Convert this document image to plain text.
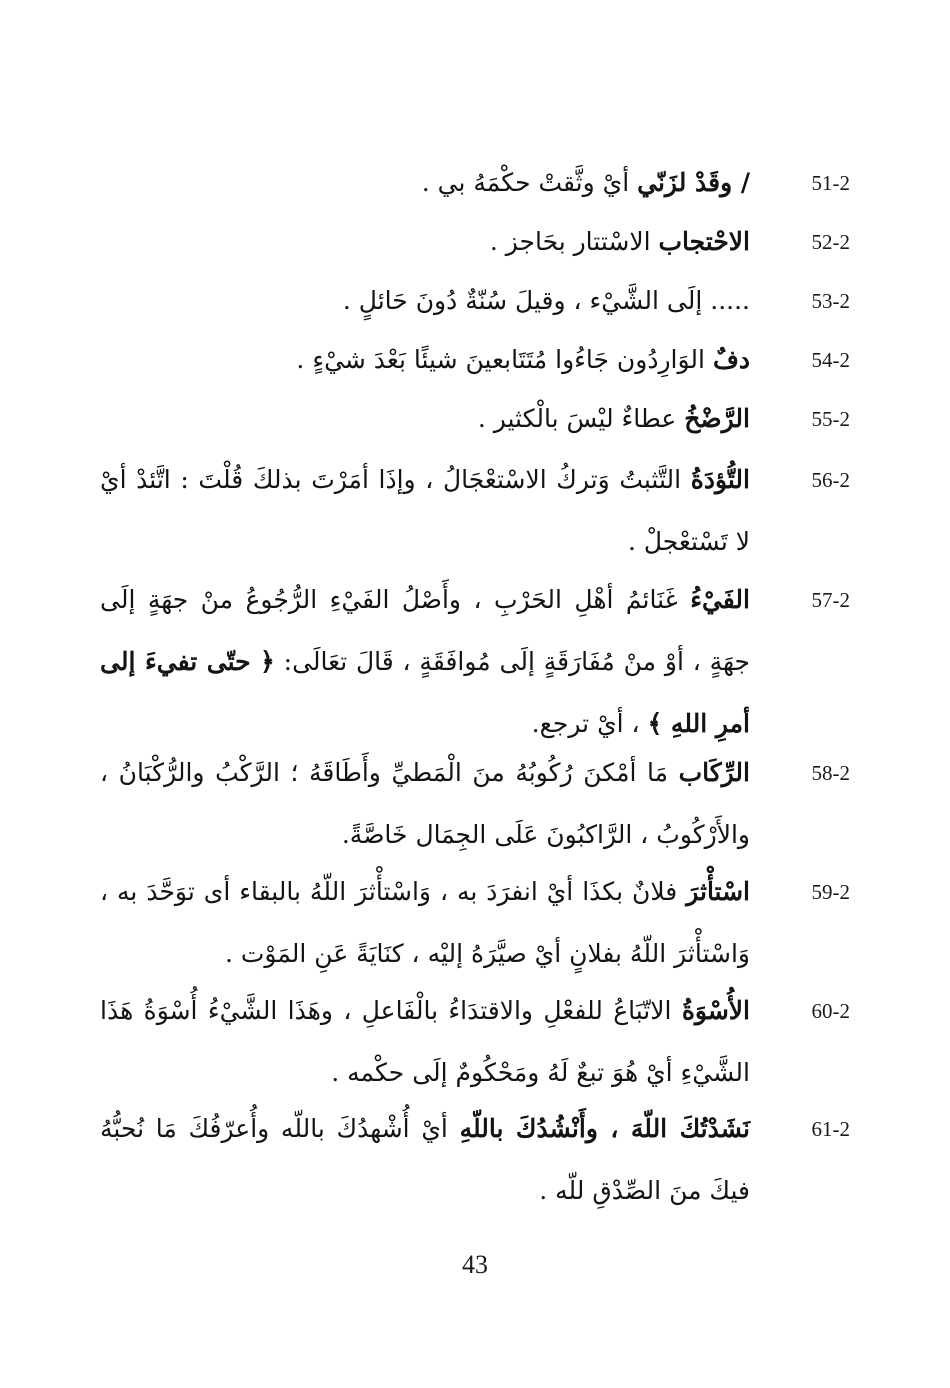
51-2
/ وقَدْ لزَنّي أيْ وثَّقتْ حكْمَهُ بي .
52-2
الاحْتجاب الاسْتتار بحَاجز .
53-2
..... إلَى الشَّيْء ، وقيلَ سُنّةٌ دُونَ حَائلٍ .
54-2
دفٌ الوَارِدُون جَاءُوا مُتَتَابعينَ شيئًا بَعْدَ شيْءٍ .
55-2
الرَّضْخُ عطاءٌ ليْسَ بالْكثير .
56-2
التُّؤدَةُ التَّثبتُ وَتركُ الاسْتعْجَالُ ، وإذَا أمَرْتَ بذلكَ قُلْتَ : اتَّئدْ أيْ لا تَسْتعْجلْ .
57-2
الفَيْءُ غَنَائمُ أهْلِ الحَرْبِ ، وأَصْلُ الفَيْءِ الرُّجُوعُ منْ جهَةٍ إلَى جهَةٍ ، أوْ منْ مُفَارَقَةٍ إلَى مُوافَقَةٍ ، قَالَ تعَالَى: ﴿ حتّى تفيءَ إلى أمرِ اللهِ ﴾ ، أيْ ترجع.
58-2
الرِّكَاب مَا أمْكنَ رُكُوبُهُ منَ الْمَطيِّ وأَطَاقَهُ ؛ الرَّكْبُ والرُّكْبَانُ ، والأَرْكُوبُ ، الرَّاكبُونَ عَلَى الجِمَال خَاصَّةً.
59-2
اسْتأْثرَ فلانٌ بكذَا أيْ انفرَدَ به ، وَاسْتأْثرَ اللّهُ بالبقاء أى توَحَّدَ به ، وَاسْتأْثرَ اللّهُ بفلانٍ أيْ صيَّرَهُ إليْه ، كنَايَةً عَنِ المَوْت .
60-2
الأُسْوَةُ الاتّبَاعُ للفعْلِ والاقتدَاءُ بالْفَاعلِ ، وهَذَا الشَّيْءُ أُسْوَةُ هَذَا الشَّيْءِ أيْ هُوَ تبعٌ لَهُ ومَحْكُومٌ إلَى حكْمه .
61-2
نَشَدْتُكَ اللّهَ ، وأَنْشُدُكَ باللّهِ أيْ أُشْهدُكَ باللّه وأُعرّفُكَ مَا نُحبُّهُ فيكَ منَ الصِّدْقِ للّه .
43
